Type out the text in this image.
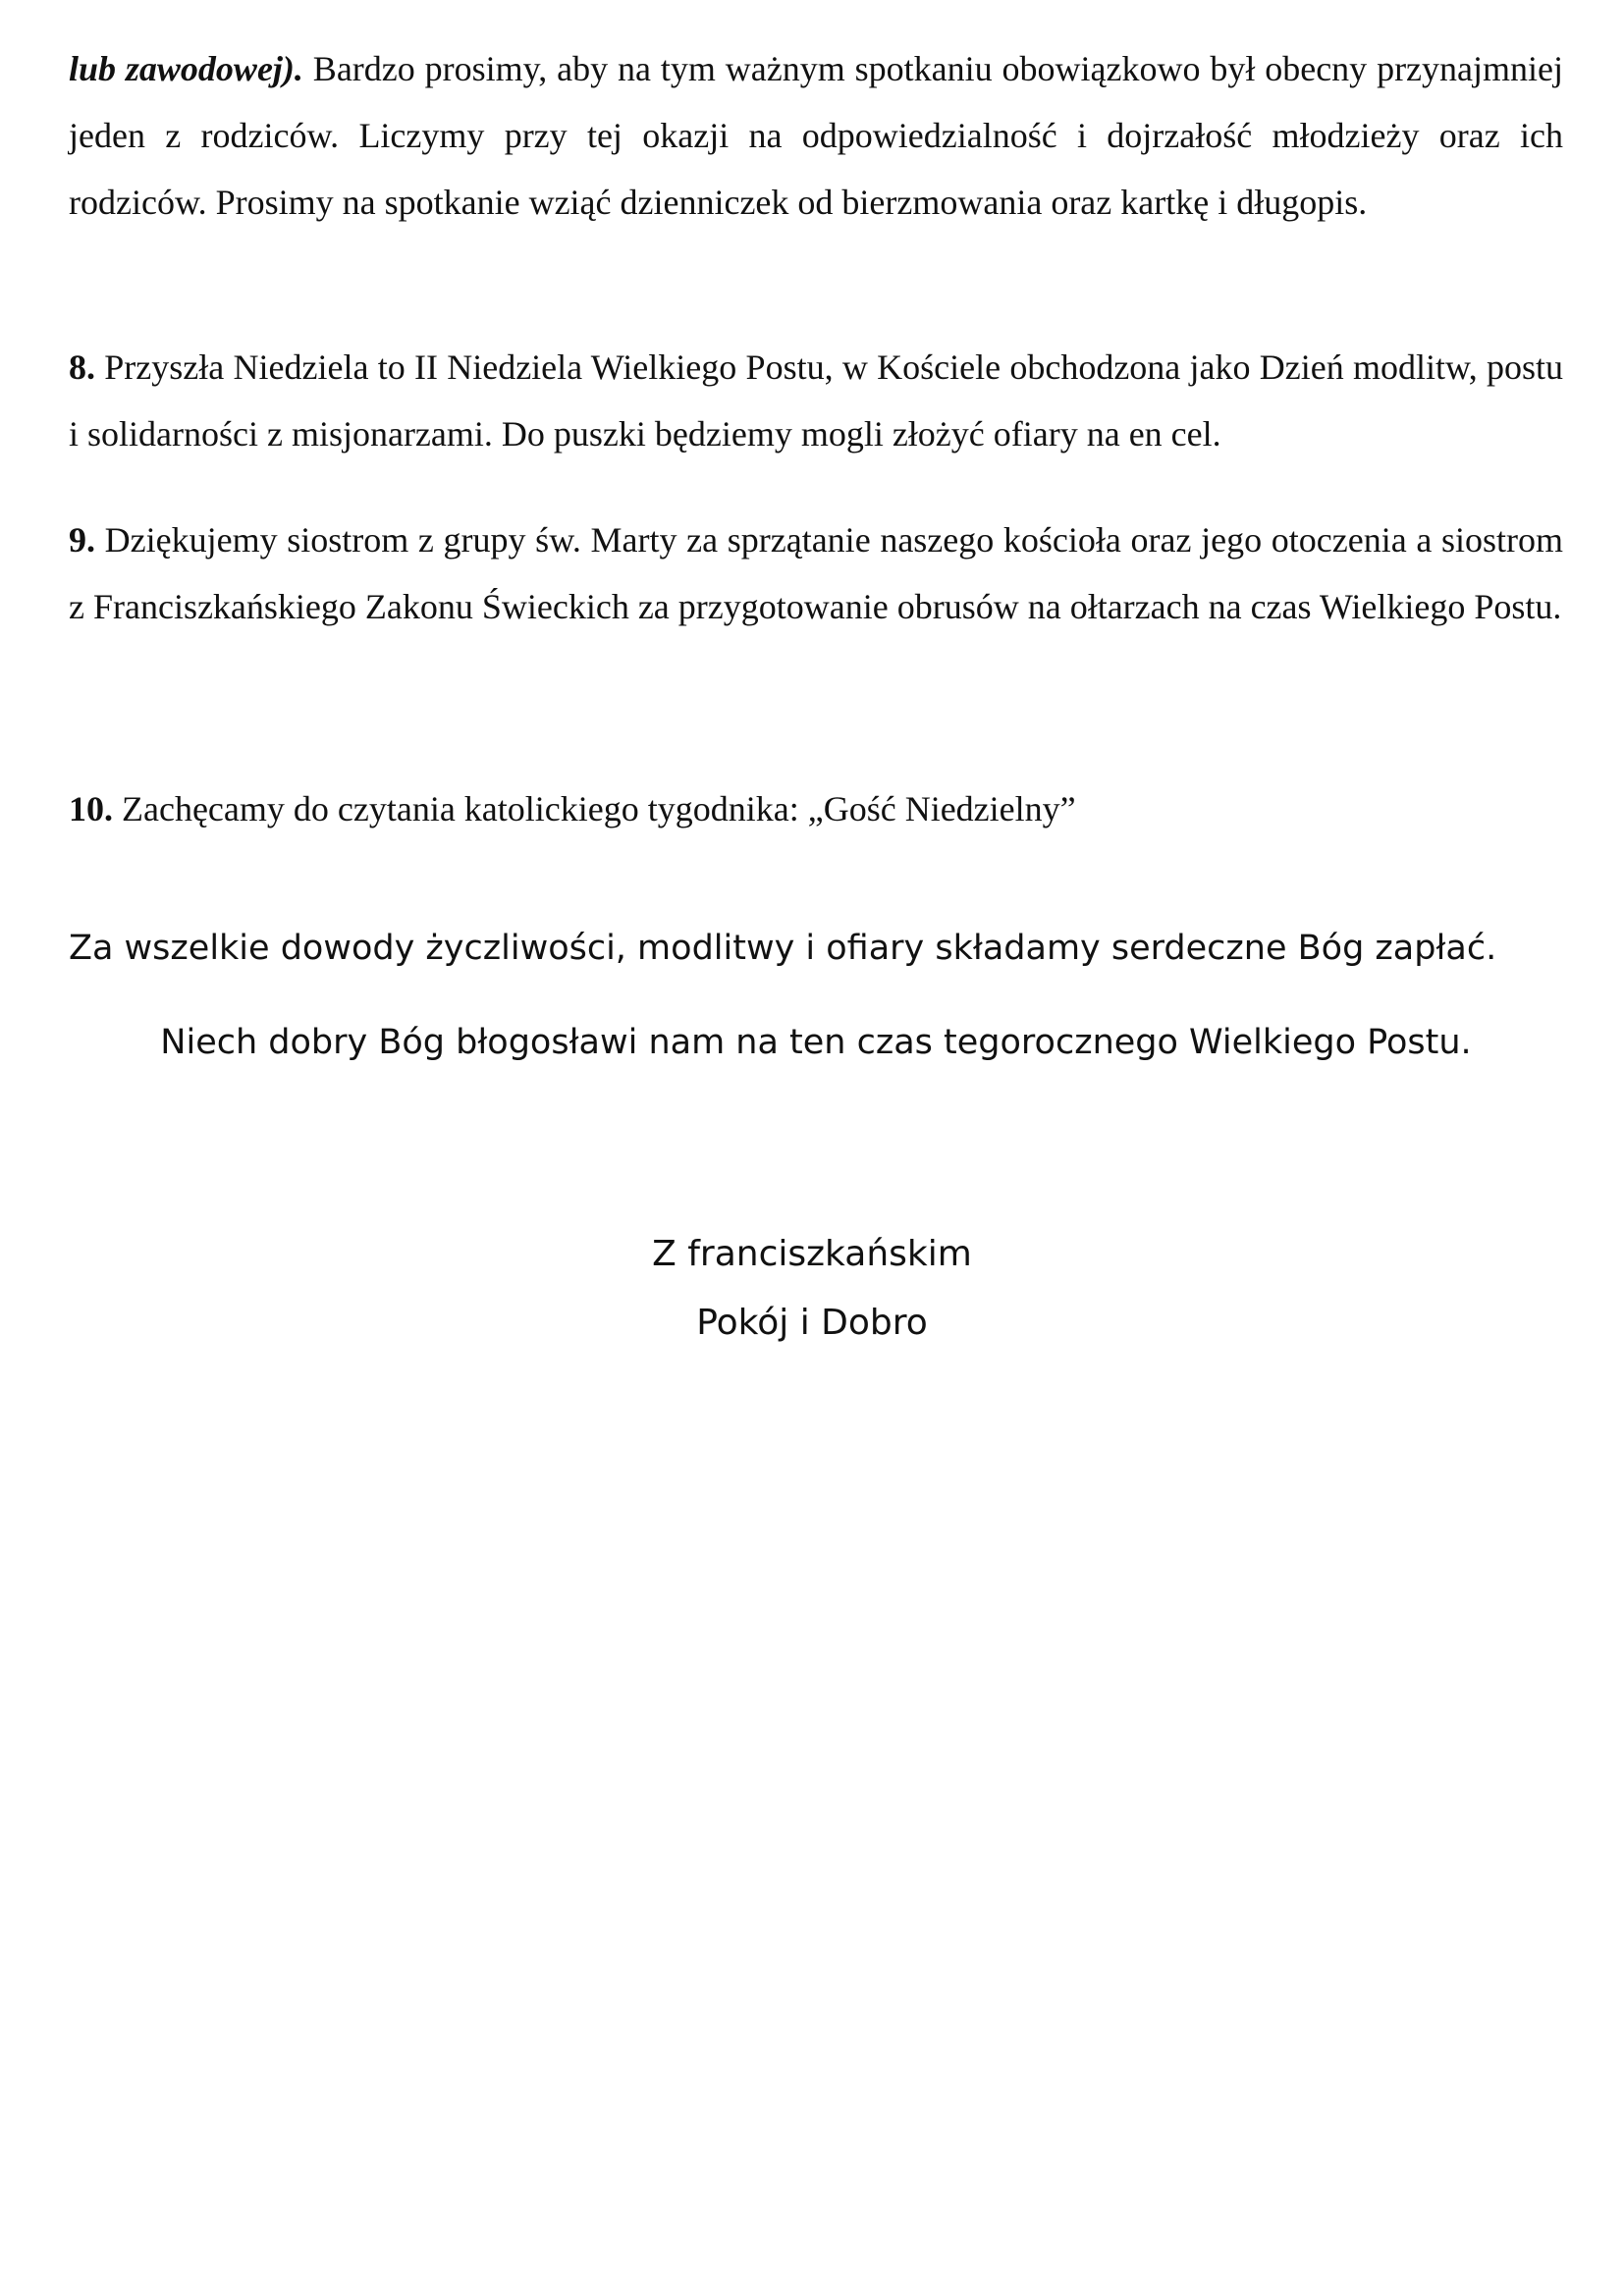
lub zawodowej). Bardzo prosimy, aby na tym ważnym spotkaniu obowiązkowo był obecny przynajmniej jeden z rodziców. Liczymy przy tej okazji na odpowiedzialność i dojrzałość młodzieży oraz ich rodziców. Prosimy na spotkanie wziąć dzienniczek od bierzmowania oraz kartkę i długopis.

8. Przyszła Niedziela to II Niedziela Wielkiego Postu, w Kościele obchodzona jako Dzień modlitw, postu i solidarności z misjonarzami. Do puszki będziemy mogli złożyć ofiary na en cel.

9. Dziękujemy siostrom z grupy św. Marty za sprzątanie naszego kościoła oraz jego otoczenia a siostrom z Franciszkańskiego Zakonu Świeckich za przygotowanie obrusów na ołtarzach na czas Wielkiego Postu.

10. Zachęcamy do czytania katolickiego tygodnika: „Gość Niedzielny”

Za wszelkie dowody życzliwości, modlitwy i ofiary składamy serdeczne Bóg zapłać.

Niech dobry Bóg błogosławi nam na ten czas tegorocznego Wielkiego Postu.

Z franciszkańskim

Pokój i Dobro
